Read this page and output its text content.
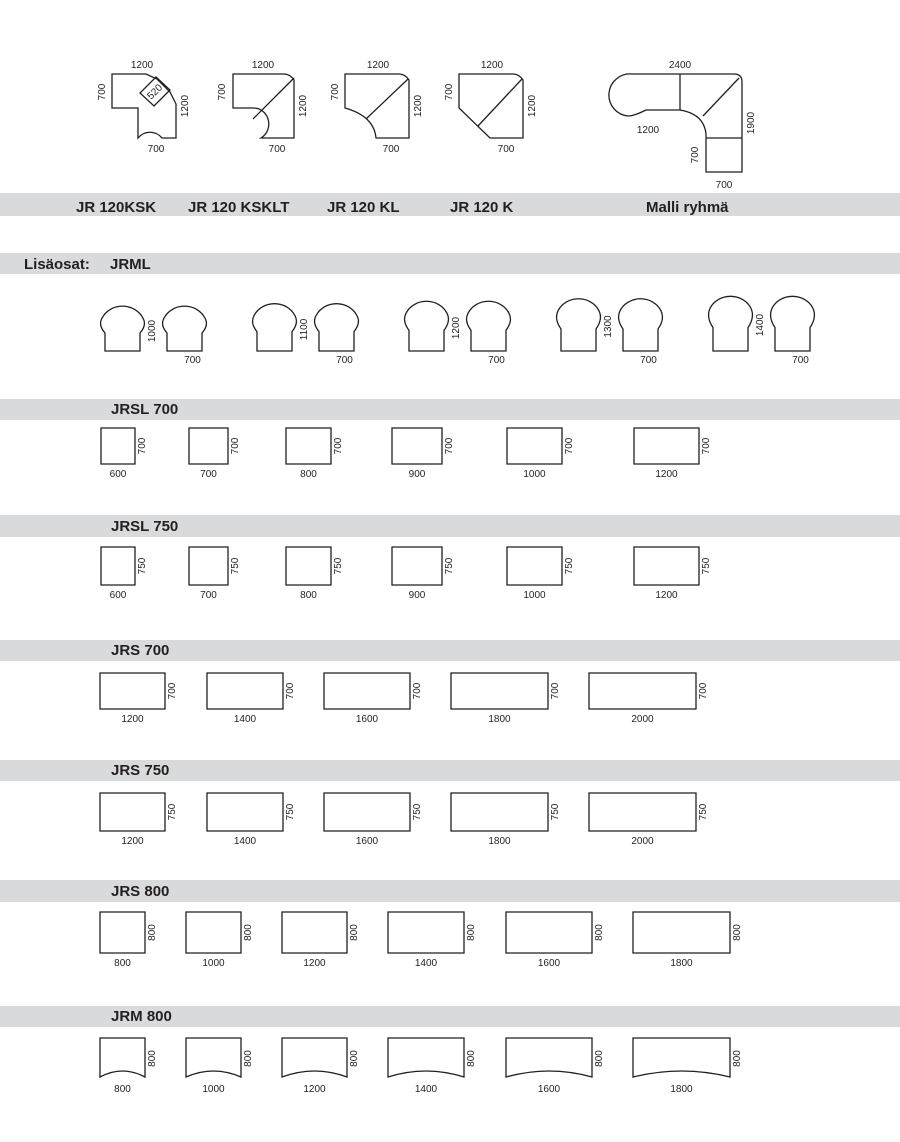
JR 120KSK JR 120 KSKLT	JR 120 KL	JR 120 K	Malli ryhmä
Lisäosat: JRML
JRSL 700
JRSL 750
JRS 700
JRS 750
JRS 800
JRM 800
1200
520
700
1200
700
1200
700
1200
700
1200
700
1200
700
1200
700
1200
700
2400
1200	1900
700
700
1000
700
1100
700
1200
700
1300
700
1400
700
700
600
700
700
700
800
700
900
700
1000
700
1200
750
600
750
700
750
800
750
900
750
1000
750
1200
700
1200
700
1400
700
1600
700
1800
700
2000
750
1200
750
1400
750
1600
750
1800
750
2000
800
800
800
1000
800
1200
800
1400
800
1600
800
1800
800
800
800
1000
800
1200
800
1400
800
1600
800
1800
